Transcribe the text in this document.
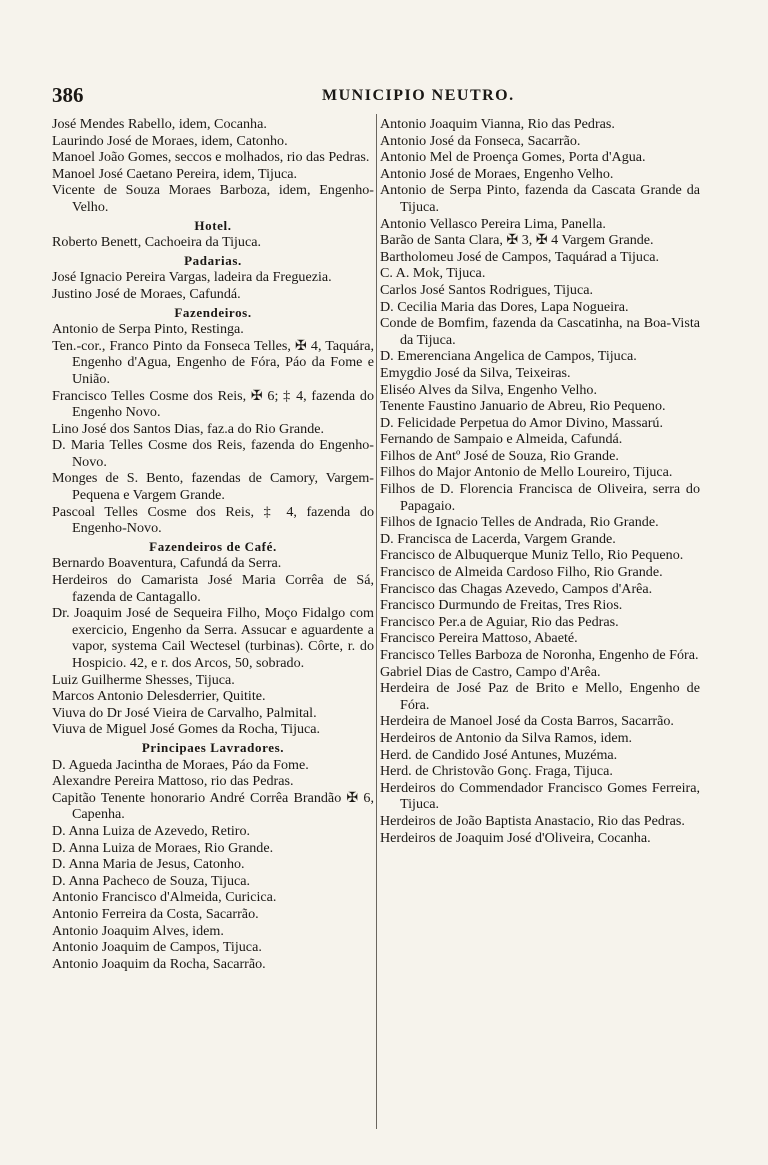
386	MUNICIPIO NEUTRO.

José Mendes Rabello, idem, Cocanha.

Laurindo José de Moraes, idem, Catonho.

Manoel João Gomes, seccos e molhados, rio das Pedras.

Manoel José Caetano Pereira, idem, Tijuca.

Vicente de Souza Moraes Barboza, idem, Engenho-Velho.

Hotel.

Roberto Benett, Cachoeira da Tijuca.

Padarias.

José Ignacio Pereira Vargas, ladeira da Freguezia.

Justino José de Moraes, Cafundá.

Fazendeiros.

Antonio de Serpa Pinto, Restinga.

Ten.-cor., Franco Pinto da Fonseca Telles, ✠ 4, Taquára, Engenho d'Agua, Engenho de Fóra, Páo da Fome e União.

Francisco Telles Cosme dos Reis, ✠ 6; ‡ 4, fazenda do Engenho Novo.

Lino José dos Santos Dias, faz.a do Rio Grande.

D. Maria Telles Cosme dos Reis, fazenda do Engenho-Novo.

Monges de S. Bento, fazendas de Camory, Vargem-Pequena e Vargem Grande.

Pascoal Telles Cosme dos Reis, ‡ 4, fazenda do Engenho-Novo.

Fazendeiros de Café.

Bernardo Boaventura, Cafundá da Serra.

Herdeiros do Camarista José Maria Corrêa de Sá, fazenda de Cantagallo.

Dr. Joaquim José de Sequeira Filho, Moço Fidalgo com exercicio, Engenho da Serra. Assucar e aguardente a vapor, systema Cail Wectesel (turbinas). Côrte, r. do Hospicio. 42, e r. dos Arcos, 50, sobrado.

Luiz Guilherme Shesses, Tijuca.

Marcos Antonio Delesderrier, Quitite.

Viuva do Dr José Vieira de Carvalho, Palmital.

Viuva de Miguel José Gomes da Rocha, Tijuca.

Principaes Lavradores.

D. Agueda Jacintha de Moraes, Páo da Fome.

Alexandre Pereira Mattoso, rio das Pedras.

Capitão Tenente honorario André Corrêa Brandão ✠ 6, Capenha.

D. Anna Luiza de Azevedo, Retiro.

D. Anna Luiza de Moraes, Rio Grande.

D. Anna Maria de Jesus, Catonho.

D. Anna Pacheco de Souza, Tijuca.

Antonio Francisco d'Almeida, Curicica.

Antonio Ferreira da Costa, Sacarrão.

Antonio Joaquim Alves, idem.

Antonio Joaquim de Campos, Tijuca.

Antonio Joaquim da Rocha, Sacarrão.

Antonio Joaquim Vianna, Rio das Pedras.

Antonio José da Fonseca, Sacarrão.

Antonio Mel de Proença Gomes, Porta d'Agua.

Antonio José de Moraes, Engenho Velho.

Antonio de Serpa Pinto, fazenda da Cascata Grande da Tijuca.

Antonio Vellasco Pereira Lima, Panella.

Barão de Santa Clara, ✠ 3, ✠ 4 Vargem Grande.

Bartholomeu José de Campos, Taquárad a Tijuca.

C. A. Mok, Tijuca.

Carlos José Santos Rodrigues, Tijuca.

D. Cecilia Maria das Dores, Lapa Nogueira.

Conde de Bomfim, fazenda da Cascatinha, na Boa-Vista da Tijuca.

D. Emerenciana Angelica de Campos, Tijuca.

Emygdio José da Silva, Teixeiras.

Eliséo Alves da Silva, Engenho Velho.

Tenente Faustino Januario de Abreu, Rio Pequeno.

D. Felicidade Perpetua do Amor Divino, Massarú.

Fernando de Sampaio e Almeida, Cafundá.

Filhos de Antº José de Souza, Rio Grande.

Filhos do Major Antonio de Mello Loureiro, Tijuca.

Filhos de D. Florencia Francisca de Oliveira, serra do Papagaio.

Filhos de Ignacio Telles de Andrada, Rio Grande.

D. Francisca de Lacerda, Vargem Grande.

Francisco de Albuquerque Muniz Tello, Rio Pequeno.

Francisco de Almeida Cardoso Filho, Rio Grande.

Francisco das Chagas Azevedo, Campos d'Arêa.

Francisco Durmundo de Freitas, Tres Rios.

Francisco Per.a de Aguiar, Rio das Pedras.

Francisco Pereira Mattoso, Abaeté.

Francisco Telles Barboza de Noronha, Engenho de Fóra.

Gabriel Dias de Castro, Campo d'Arêa.

Herdeira de José Paz de Brito e Mello, Engenho de Fóra.

Herdeira de Manoel José da Costa Barros, Sacarrão.

Herdeiros de Antonio da Silva Ramos, idem.

Herd. de Candido José Antunes, Muzéma.

Herd. de Christovão Gonç. Fraga, Tijuca.

Herdeiros do Commendador Francisco Gomes Ferreira, Tijuca.

Herdeiros de João Baptista Anastacio, Rio das Pedras.

Herdeiros de Joaquim José d'Oliveira, Cocanha.
